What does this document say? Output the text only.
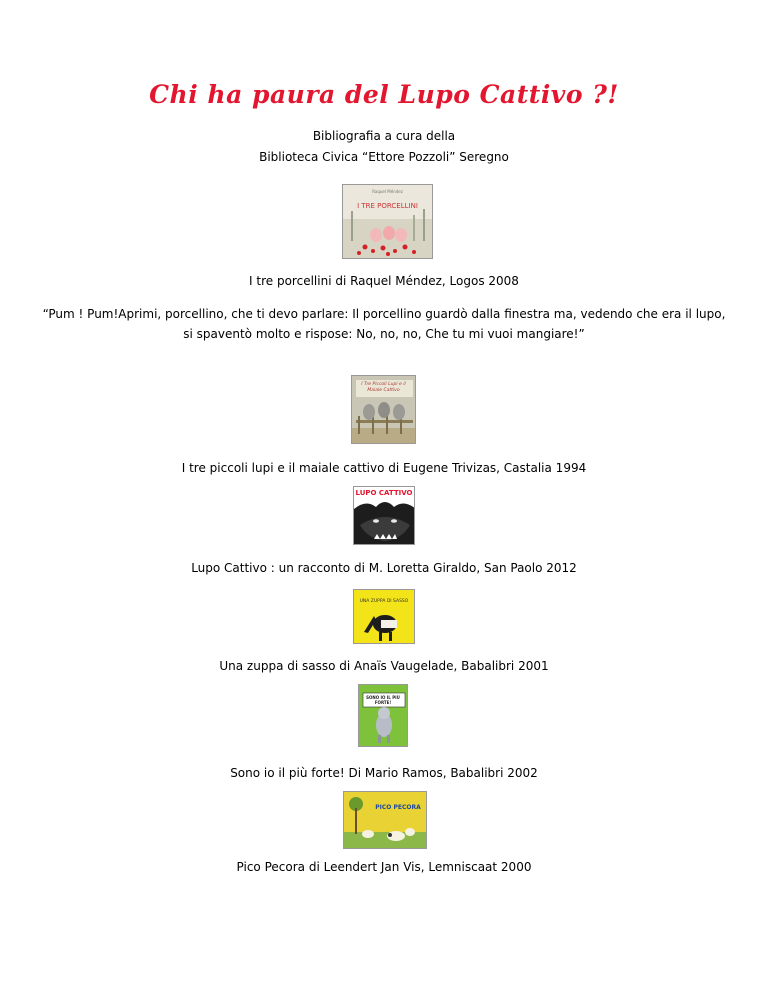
Chi ha paura del Lupo Cattivo ?!
Bibliografia a cura della
Biblioteca Civica “Ettore Pozzoli” Seregno
Raquel Méndez
I TRE PORCELLINI
I tre porcellini di Raquel Méndez, Logos 2008
“Pum ! Pum!Aprimi, porcellino, che ti devo parlare: Il porcellino guardò dalla finestra ma, vedendo che era il lupo, si spaventò molto e rispose: No, no, no, Che tu mi vuoi mangiare!”
I Tre Piccoli Lupi e il Maiale Cattivo
I tre piccoli lupi e il maiale cattivo di Eugene Trivizas, Castalia 1994
LUPO CATTIVO
Lupo Cattivo : un racconto di M. Loretta Giraldo, San Paolo 2012
UNA ZUPPA DI SASSO
Una zuppa di sasso di Anaïs Vaugelade, Babalibri 2001
SONO IO IL PIÙ FORTE!
Sono io il più forte! Di Mario Ramos, Babalibri 2002
PICO PECORA
Pico Pecora di Leendert Jan Vis, Lemniscaat 2000
